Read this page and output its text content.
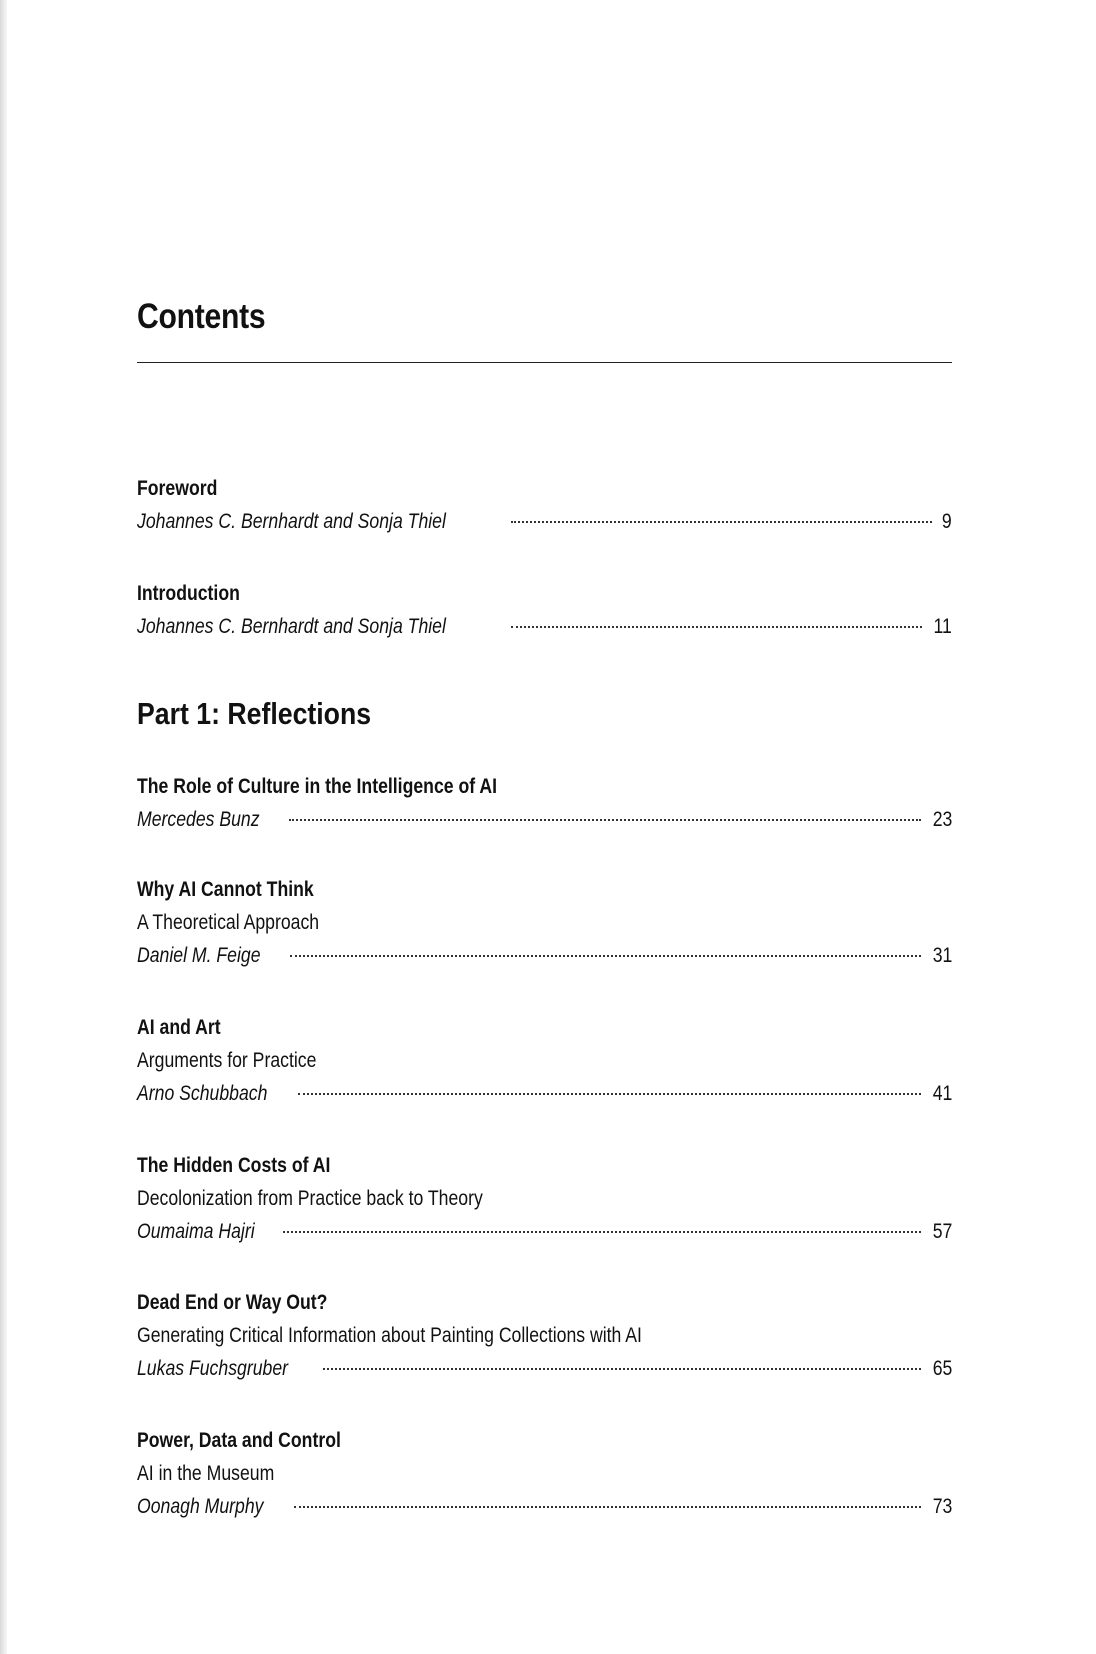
Contents
Foreword
Johannes C. Bernhardt and Sonja Thiel	9
Introduction
Johannes C. Bernhardt and Sonja Thiel	11
Part 1: Reflections
The Role of Culture in the Intelligence of AI
Mercedes Bunz	23
Why AI Cannot Think
A Theoretical Approach
Daniel M. Feige	31
AI and Art
Arguments for Practice
Arno Schubbach	41
The Hidden Costs of AI
Decolonization from Practice back to Theory
Oumaima Hajri	57
Dead End or Way Out?
Generating Critical Information about Painting Collections with AI
Lukas Fuchsgruber	65
Power, Data and Control
AI in the Museum
Oonagh Murphy	73
